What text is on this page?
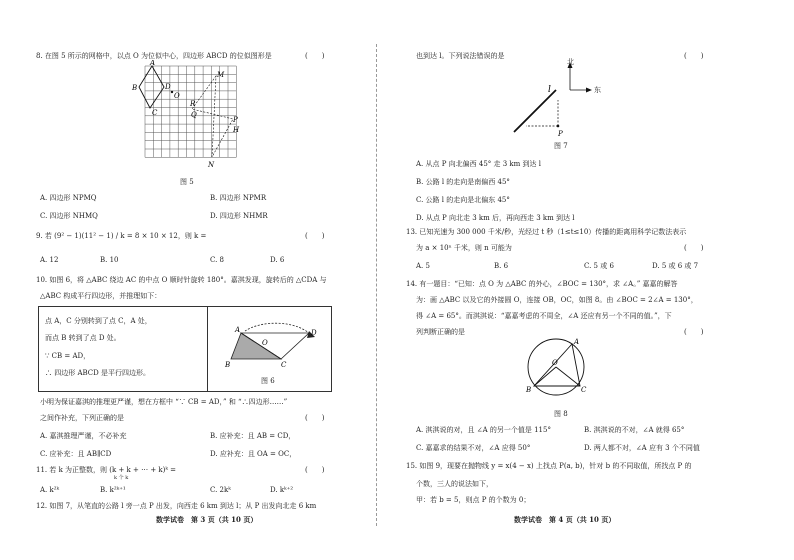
8. 在图 5 所示的网格中，以点 O 为位似中心，四边形 ABCD 的位似图形是	(　　)
A
M
B	D
O
C
R
Q
P
H
N
图 5
A. 四边形 NPMQ	B. 四边形 NPMR
C. 四边形 NHMQ	D. 四边形 NHMR
9. 若 (9² − 1)(11² − 1) / k = 8 × 10 × 12，则 k =	(　　)
A. 12	B. 10	C. 8	D. 6
10. 如图 6，将 △ABC 绕边 AC 的中点 O 顺时针旋转 180°。嘉淇发现，旋转后的 △CDA 与
△ABC 构成平行四边形，并推理如下：
点 A，C 分别转到了点 C，A 处，
而点 B 转到了点 D 处。
∵ CB = AD，
∴ 四边形 ABCD 是平行四边形。
A	D
O
B	C
图 6
小明为保证嘉淇的推理更严谨，想在方框中 “∵ CB = AD，” 和 “∴四边形……”
之间作补充，下列正确的是	(　　)
A. 嘉淇推理严谨，不必补充	B. 应补充：且 AB = CD，
C. 应补充：且 AB∥CD	D. 应补充：且 OA = OC，
11. 若 k 为正整数，则 (k + k + ⋯ + k)ᵏ =
k 个 k
(　　)
A. k²ᵏ	B. k²ᵏ⁺¹	C. 2kᵏ	D. kᵏ⁺²
12. 如图 7，从笔直的公路 l 旁一点 P 出发，向西走 6 km 到达 l；从 P 出发向北走 6 km
数学试卷　第 3 页（共 10 页）
也到达 l。下列说法错误的是	(　　)
l
P
北
东
图 7
A. 从点 P 向北偏西 45° 走 3 km 到达 l
B. 公路 l 的走向是南偏西 45°
C. 公路 l 的走向是北偏东 45°
D. 从点 P 向北走 3 km 后，再向西走 3 km 到达 l
13. 已知光速为 300 000 千米/秒，光经过 t 秒（1≤t≤10）传播的距离用科学记数法表示
为 a × 10ⁿ 千米，则 n 可能为	(　　)
A. 5	B. 6	C. 5 或 6	D. 5 或 6 或 7
14. 有一题目：“已知：点 O 为 △ABC 的外心，∠BOC = 130°，求 ∠A。” 嘉嘉的解答
为：画 △ABC 以及它的外接圆 O，连接 OB，OC，如图 8。由 ∠BOC = 2∠A = 130°，
得 ∠A = 65°。而淇淇说：“嘉嘉考虑的不周全，∠A 还应有另一个不同的值。”，下
列判断正确的是	(　　)
A
O
B	C
图 8
A. 淇淇说的对，且 ∠A 的另一个值是 115°	B. 淇淇说的不对，∠A 就得 65°
C. 嘉嘉求的结果不对，∠A 应得 50°	D. 两人都不对，∠A 应有 3 个不同值
15. 如图 9，现要在抛物线 y = x(4 − x) 上找点 P(a, b)，针对 b 的不同取值，所找点 P 的
个数，三人的说法如下，
甲：若 b = 5，则点 P 的个数为 0；
数学试卷　第 4 页（共 10 页）
